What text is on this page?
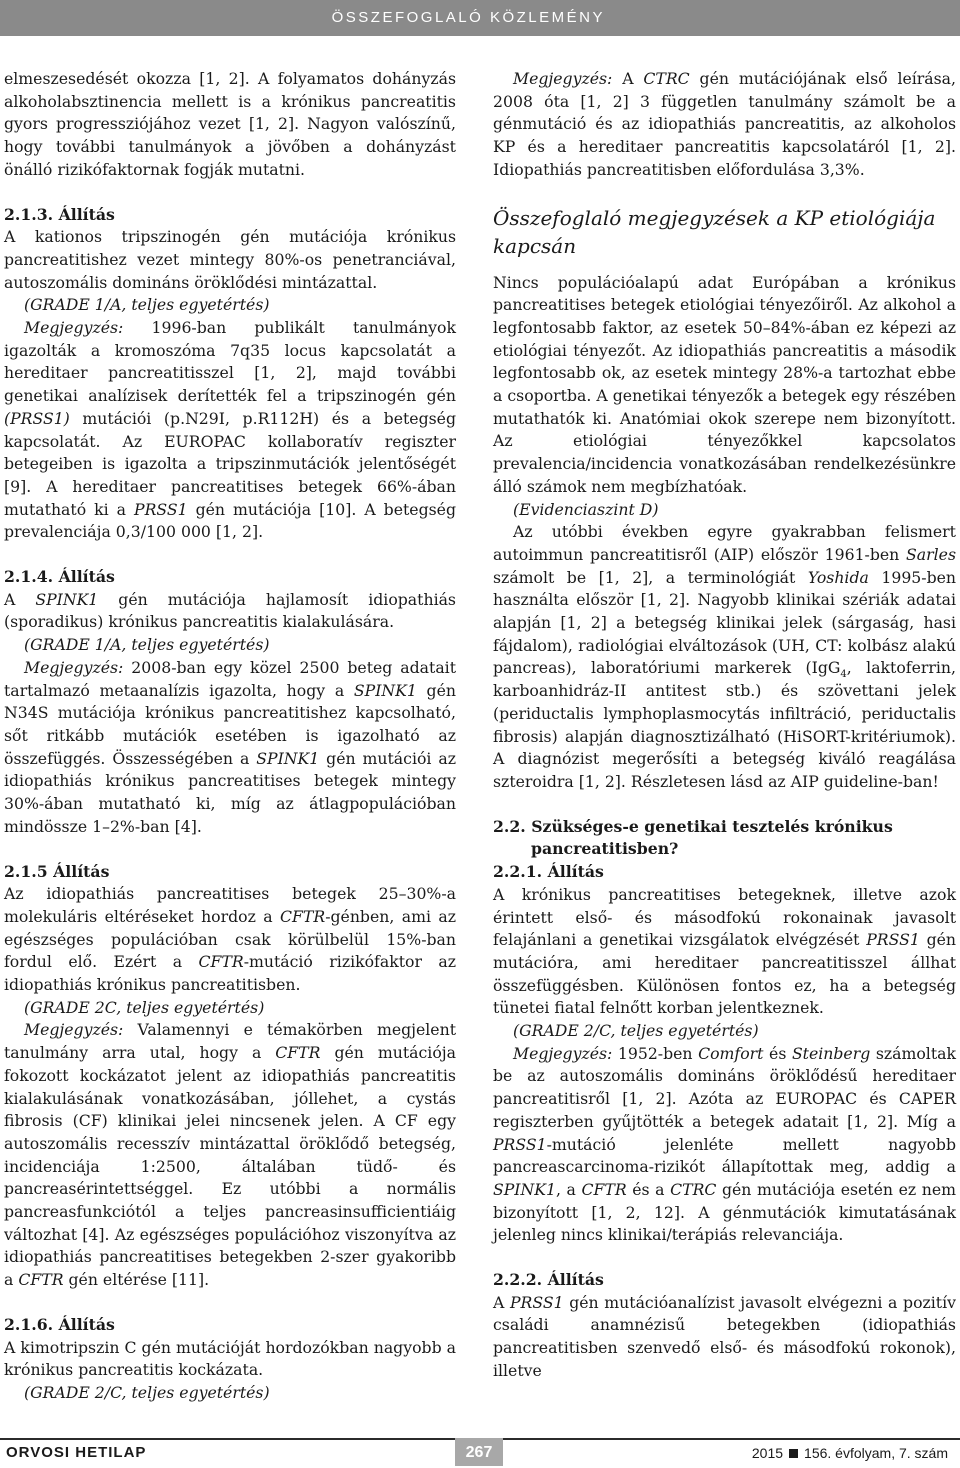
ÖSSZEFOGLALÓ KÖZLEMÉNY

elmeszesedését okozza [1, 2]. A folyamatos dohányzás alkoholabsztinencia mellett is a krónikus pancreatitis gyors progressziójához vezet [1, 2]. Nagyon valószínű, hogy további tanulmányok a jövőben a dohányzást önálló rizikófaktornak fogják mutatni.

2.1.3. Állítás

A kationos tripszinogén gén mutációja krónikus pancreatitishez vezet mintegy 80%-os penetranciával, autoszomális domináns öröklődési mintázattal.

(GRADE 1/A, teljes egyetértés)

Megjegyzés: 1996-ban publikált tanulmányok igazolták a kromoszóma 7q35 locus kapcsolatát a hereditaer pancreatitisszel [1, 2], majd további genetikai analízisek derítették fel a tripszinogén gén (PRSS1) mutációi (p.N29I, p.R112H) és a betegség kapcsolatát. Az EUROPAC kollaboratív regiszter betegeiben is igazolta a tripszinmutációk jelentőségét [9]. A hereditaer pancreatitises betegek 66%-ában mutatható ki a PRSS1 gén mutációja [10]. A betegség prevalenciája 0,3/100 000 [1, 2].

2.1.4. Állítás

A SPINK1 gén mutációja hajlamosít idiopathiás (sporadikus) krónikus pancreatitis kialakulására.

(GRADE 1/A, teljes egyetértés)

Megjegyzés: 2008-ban egy közel 2500 beteg adatait tartalmazó metaanalízis igazolta, hogy a SPINK1 gén N34S mutációja krónikus pancreatitishez kapcsolható, sőt ritkább mutációk esetében is igazolható az összefüggés. Összességében a SPINK1 gén mutációi az idiopathiás krónikus pancreatitises betegek mintegy 30%-ában mutatható ki, míg az átlagpopulációban mindössze 1–2%-ban [4].

2.1.5 Állítás

Az idiopathiás pancreatitises betegek 25–30%-a molekuláris eltéréseket hordoz a CFTR-génben, ami az egészséges populációban csak körülbelül 15%-ban fordul elő. Ezért a CFTR-mutáció rizikófaktor az idiopathiás krónikus pancreatitisben.

(GRADE 2C, teljes egyetértés)

Megjegyzés: Valamennyi e témakörben megjelent tanulmány arra utal, hogy a CFTR gén mutációja fokozott kockázatot jelent az idiopathiás pancreatitis kialakulásának vonatkozásában, jóllehet, a cystás fibrosis (CF) klinikai jelei nincsenek jelen. A CF egy autoszomális recesszív mintázattal öröklődő betegség, incidenciája 1:2500, általában tüdő- és pancreasérintettséggel. Ez utóbbi a normális pancreasfunkciótól a teljes pancreasinsufficientiáig változhat [4]. Az egészséges populációhoz viszonyítva az idiopathiás pancreatitises betegekben 2-szer gyakoribb a CFTR gén eltérése [11].

2.1.6. Állítás

A kimotripszin C gén mutációját hordozókban nagyobb a krónikus pancreatitis kockázata.

(GRADE 2/C, teljes egyetértés)

Megjegyzés: A CTRC gén mutációjának első leírása, 2008 óta [1, 2] 3 független tanulmány számolt be a génmutáció és az idiopathiás pancreatitis, az alkoholos KP és a hereditaer pancreatitis kapcsolatáról [1, 2]. Idiopathiás pancreatitisben előfordulása 3,3%.

Összefoglaló megjegyzések a KP etiológiája kapcsán

Nincs populációalapú adat Európában a krónikus pancreatitises betegek etiológiai tényezőiről. Az alkohol a legfontosabb faktor, az esetek 50–84%-ában ez képezi az etiológiai tényezőt. Az idiopathiás pancreatitis a második legfontosabb ok, az esetek mintegy 28%-a tartozhat ebbe a csoportba. A genetikai tényezők a betegek egy részében mutathatók ki. Anatómiai okok szerepe nem bizonyított. Az etiológiai tényezőkkel kapcsolatos prevalencia/incidencia vonatkozásában rendelkezésünkre álló számok nem megbízhatóak.

(Evidenciaszint D)

Az utóbbi években egyre gyakrabban felismert autoimmun pancreatitisről (AIP) először 1961-ben Sarles számolt be [1, 2], a terminológiát Yoshida 1995-ben használta először [1, 2]. Nagyobb klinikai szériák adatai alapján [1, 2] a betegség klinikai jelek (sárgaság, hasi fájdalom), radiológiai elváltozások (UH, CT: kolbász alakú pancreas), laboratóriumi markerek (IgG$_4$, laktoferrin, karboanhidráz-II antitest stb.) és szövettani jelek (periductalis lymphoplasmocytás infiltráció, periductalis fibrosis) alapján diagnosztizálható (HiSORT-kritériumok). A diagnózist megerősíti a betegség kiváló reagálása szteroidra [1, 2]. Részletesen lásd az AIP guideline-ban!

2.2. Szükséges-e genetikai tesztelés krónikus pancreatitisben?
2.2.1. Állítás

A krónikus pancreatitises betegeknek, illetve azok érintett első- és másodfokú rokonainak javasolt felajánlani a genetikai vizsgálatok elvégzését PRSS1 gén mutációra, ami hereditaer pancreatitisszel állhat összefüggésben. Különösen fontos ez, ha a betegség tünetei fiatal felnőtt korban jelentkeznek.

(GRADE 2/C, teljes egyetértés)

Megjegyzés: 1952-ben Comfort és Steinberg számoltak be az autoszomális domináns öröklődésű hereditaer pancreatitisről [1, 2]. Azóta az EUROPAC és CAPER regiszterben gyűjtötték a betegek adatait [1, 2]. Míg a PRSS1-mutáció jelenléte mellett nagyobb pancreascarcinoma-rizikót állapítottak meg, addig a SPINK1, a CFTR és a CTRC gén mutációja esetén ez nem bizonyított [1, 2, 12]. A génmutációk kimutatásának jelenleg nincs klinikai/terápiás relevanciája.

2.2.2. Állítás

A PRSS1 gén mutációanalízist javasolt elvégezni a pozitív családi anamnézisű betegekben (idiopathiás pancreatitisben szenvedő első- és másodfokú rokonok), illetve

ORVOSI HETILAP	267	2015 156. évfolyam, 7. szám
